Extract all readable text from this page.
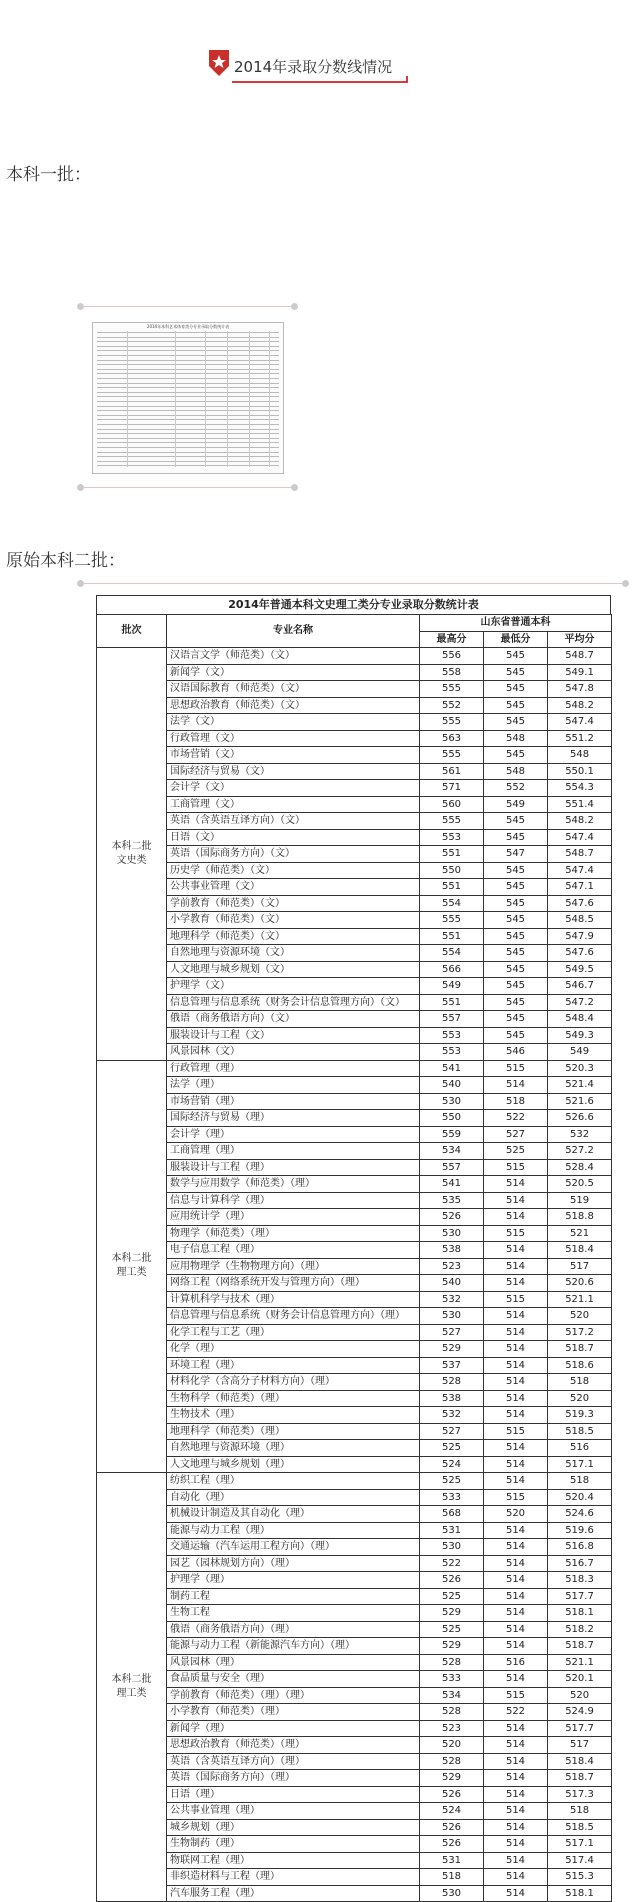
2014年录取分数线情况
本科一批：
2014年本科艺术体育类分专业录取分数统计表
原始本科二批：
2014年普通本科文史理工类分专业录取分数统计表
批次	专业名称	山东省普通本科		
		最高分	最低分	平均分
本科二批
文史类	汉语言文学（师范类）（文）	556	545	548.7
	新闻学（文）	558	545	549.1
	汉语国际教育（师范类）（文）	555	545	547.8
	思想政治教育（师范类）（文）	552	545	548.2
	法学（文）	555	545	547.4
	行政管理（文）	563	548	551.2
	市场营销（文）	555	545	548
	国际经济与贸易（文）	561	548	550.1
	会计学（文）	571	552	554.3
	工商管理（文）	560	549	551.4
	英语（含英语互译方向）（文）	555	545	548.2
	日语（文）	553	545	547.4
	英语（国际商务方向）（文）	551	547	548.7
	历史学（师范类）（文）	550	545	547.4
	公共事业管理（文）	551	545	547.1
	学前教育（师范类）（文）	554	545	547.6
	小学教育（师范类）（文）	555	545	548.5
	地理科学（师范类）（文）	551	545	547.9
	自然地理与资源环境（文）	554	545	547.6
	人文地理与城乡规划（文）	566	545	549.5
	护理学（文）	549	545	546.7
	信息管理与信息系统（财务会计信息管理方向）（文）	551	545	547.2
	俄语（商务俄语方向）（文）	557	545	548.4
	服装设计与工程（文）	553	545	549.3
	风景园林（文）	553	546	549
本科二批
理工类	行政管理（理）	541	515	520.3
	法学（理）	540	514	521.4
	市场营销（理）	530	518	521.6
	国际经济与贸易（理）	550	522	526.6
	会计学（理）	559	527	532
	工商管理（理）	534	525	527.2
	服装设计与工程（理）	557	515	528.4
	数学与应用数学（师范类）（理）	541	514	520.5
	信息与计算科学（理）	535	514	519
	应用统计学（理）	526	514	518.8
	物理学（师范类）（理）	530	515	521
	电子信息工程（理）	538	514	518.4
	应用物理学（生物物理方向）（理）	523	514	517
	网络工程（网络系统开发与管理方向）（理）	540	514	520.6
	计算机科学与技术（理）	532	515	521.1
	信息管理与信息系统（财务会计信息管理方向）（理）	530	514	520
	化学工程与工艺（理）	527	514	517.2
	化学（理）	529	514	518.7
	环境工程（理）	537	514	518.6
	材料化学（含高分子材料方向）（理）	528	514	518
	生物科学（师范类）（理）	538	514	520
	生物技术（理）	532	514	519.3
	地理科学（师范类）（理）	527	515	518.5
	自然地理与资源环境（理）	525	514	516
	人文地理与城乡规划（理）	524	514	517.1
本科二批
理工类	纺织工程（理）	525	514	518
	自动化（理）	533	515	520.4
	机械设计制造及其自动化（理）	568	520	524.6
	能源与动力工程（理）	531	514	519.6
	交通运输（汽车运用工程方向）（理）	530	514	516.8
	园艺（园林规划方向）（理）	522	514	516.7
	护理学（理）	526	514	518.3
	制药工程	525	514	517.7
	生物工程	529	514	518.1
	俄语（商务俄语方向）（理）	525	514	518.2
	能源与动力工程（新能源汽车方向）（理）	529	514	518.7
	风景园林（理）	528	516	521.1
	食品质量与安全（理）	533	514	520.1
	学前教育（师范类）（理）（理）	534	515	520
	小学教育（师范类）（理）	528	522	524.9
	新闻学（理）	523	514	517.7
	思想政治教育（师范类）（理）	520	514	517
	英语（含英语互译方向）（理）	528	514	518.4
	英语（国际商务方向）（理）	529	514	518.7
	日语（理）	526	514	517.3
	公共事业管理（理）	524	514	518
	城乡规划（理）	526	514	518.5
	生物制药（理）	526	514	517.1
	物联网工程（理）	531	514	517.4
	非织造材料与工程（理）	518	514	515.3
	汽车服务工程（理）	530	514	518.1
